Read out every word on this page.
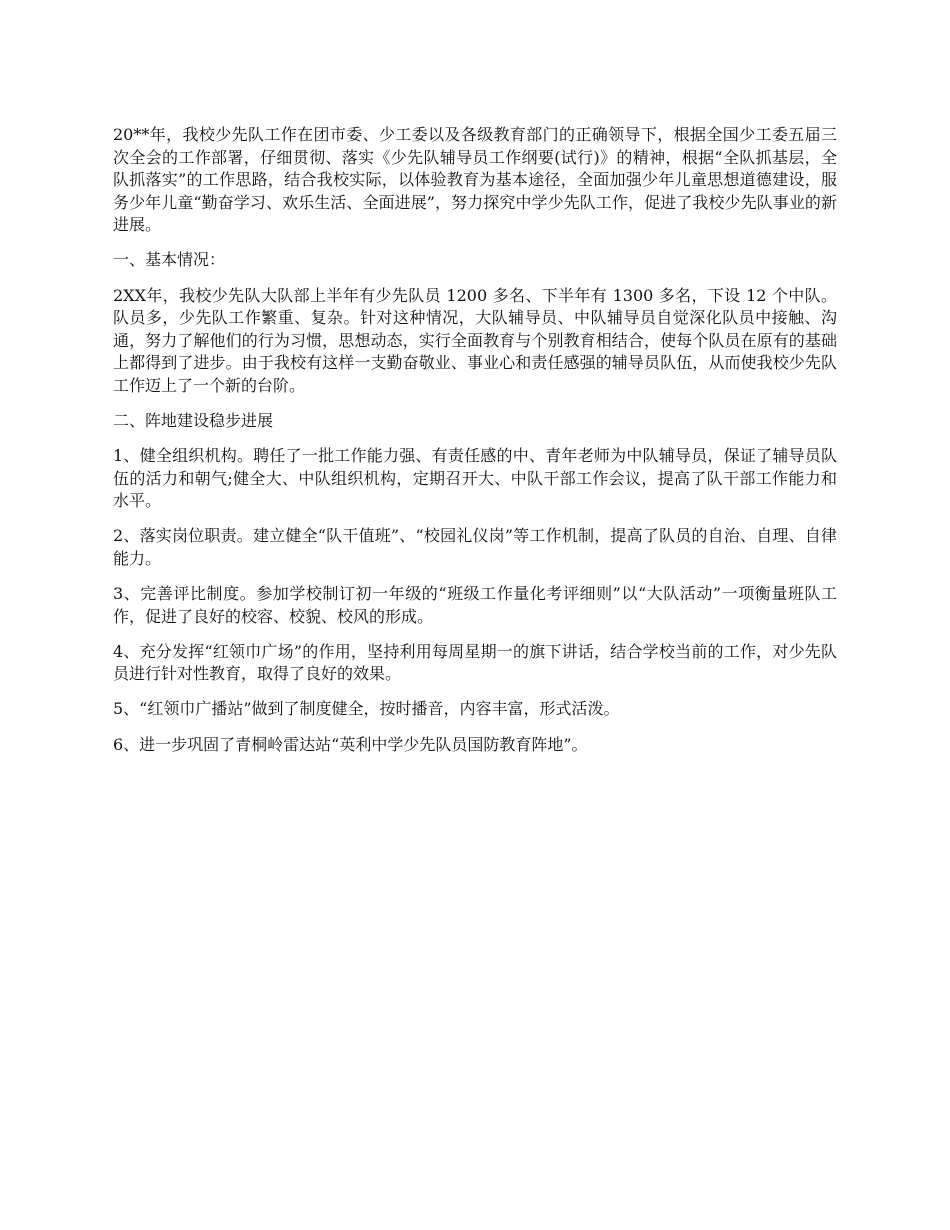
20**年，我校少先队工作在团市委、少工委以及各级教育部门的正确领导下，根据全国少工委五届三次全会的工作部署，仔细贯彻、落实《少先队辅导员工作纲要(试行)》的精神，根据“全队抓基层，全队抓落实”的工作思路，结合我校实际，以体验教育为基本途径，全面加强少年儿童思想道德建设，服务少年儿童“勤奋学习、欢乐生活、全面进展”，努力探究中学少先队工作，促进了我校少先队事业的新进展。

一、基本情况：

2XX年，我校少先队大队部上半年有少先队员 1200 多名、下半年有 1300 多名，下设 12 个中队。队员多，少先队工作繁重、复杂。针对这种情况，大队辅导员、中队辅导员自觉深化队员中接触、沟通，努力了解他们的行为习惯，思想动态，实行全面教育与个别教育相结合，使每个队员在原有的基础上都得到了进步。由于我校有这样一支勤奋敬业、事业心和责任感强的辅导员队伍，从而使我校少先队工作迈上了一个新的台阶。

二、阵地建设稳步进展

1、健全组织机构。聘任了一批工作能力强、有责任感的中、青年老师为中队辅导员，保证了辅导员队伍的活力和朝气;健全大、中队组织机构，定期召开大、中队干部工作会议，提高了队干部工作能力和水平。

2、落实岗位职责。建立健全“队干值班”、“校园礼仪岗”等工作机制，提高了队员的自治、自理、自律能力。

3、完善评比制度。参加学校制订初一年级的“班级工作量化考评细则”以“大队活动”一项衡量班队工作，促进了良好的校容、校貌、校风的形成。

4、充分发挥“红领巾广场”的作用，坚持利用每周星期一的旗下讲话，结合学校当前的工作，对少先队员进行针对性教育，取得了良好的效果。

5、“红领巾广播站”做到了制度健全，按时播音，内容丰富，形式活泼。

6、进一步巩固了青桐岭雷达站“英利中学少先队员国防教育阵地”。
